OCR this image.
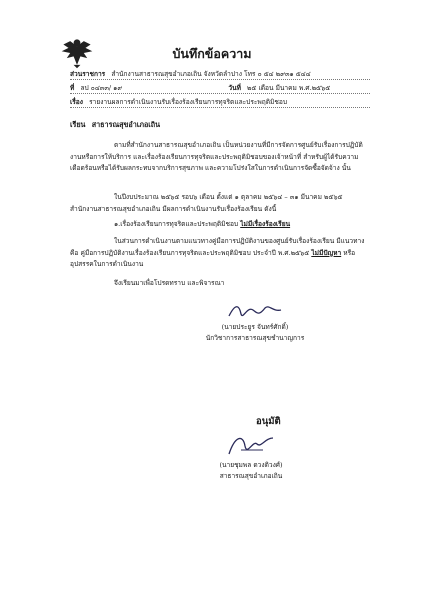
บันทึกข้อความ
ส่วนราชการ สำนักงานสาธารณสุขอำเภอเถิน จังหวัดลำปาง โทร ๐ ๕๔ ๒๙๓๑ ๕๔๔
ที่ ลป ๐๔๓๓/ ๑๙	วันที่ ๒๕ เดือน มีนาคม พ.ศ.๒๕๖๕
เรื่อง รายงานผลการดำเนินงานรับเรื่องร้องเรียนการทุจริตและประพฤติมิชอบ
เรียน สาธารณสุขอำเภอเถิน
ตามที่สำนักงานสาธารณสุขอำเภอเถิน เป็นหน่วยงานที่มีการจัดการศูนย์รับเรื่องการปฏิบัติงานหรือการให้บริการ และเรื่องร้องเรียนการทุจริตและประพฤติมิชอบของเจ้าหน้าที่ สำหรับผู้ได้รับความเดือดร้อนหรือได้รับผลกระทบจากบริการสุขภาพ และความโปร่งใสในการดำเนินการจัดซื้อจัดจ้าง นั้น
ในปีงบประมาณ ๒๕๖๕ รอบ๖ เดือน ตั้งแต่ ๑ ตุลาคม ๒๕๖๔ – ๓๑ มีนาคม ๒๕๖๕ สำนักงานสาธารณสุขอำเภอเถิน มีผลการดำเนินงานรับเรื่องร้องเรียน ดังนี้
๑.เรื่องร้องเรียนการทุจริตและประพฤติมิชอบ ไม่มีเรื่องร้องเรียน
ในส่วนการดำเนินงานตามแนวทางคู่มือการปฏิบัติงานของศูนย์รับเรื่องร้องเรียน มีแนวทางคือ คู่มือการปฏิบัติงานเรื่องร้องเรียนการทุจริตและประพฤติมิชอบ ประจำปี พ.ศ.๒๕๖๕ ไม่มีปัญหา หรืออุปสรรคในการดำเนินงาน
จึงเรียนมาเพื่อโปรดทราบ และพิจารณา
(นายประยูร จันทร์ศักดิ์)
นักวิชาการสาธารณสุขชำนาญการ
อนุมัติ
(นายชุมพล ดวงติวงศ์)
สาธารณสุขอำเภอเถิน
